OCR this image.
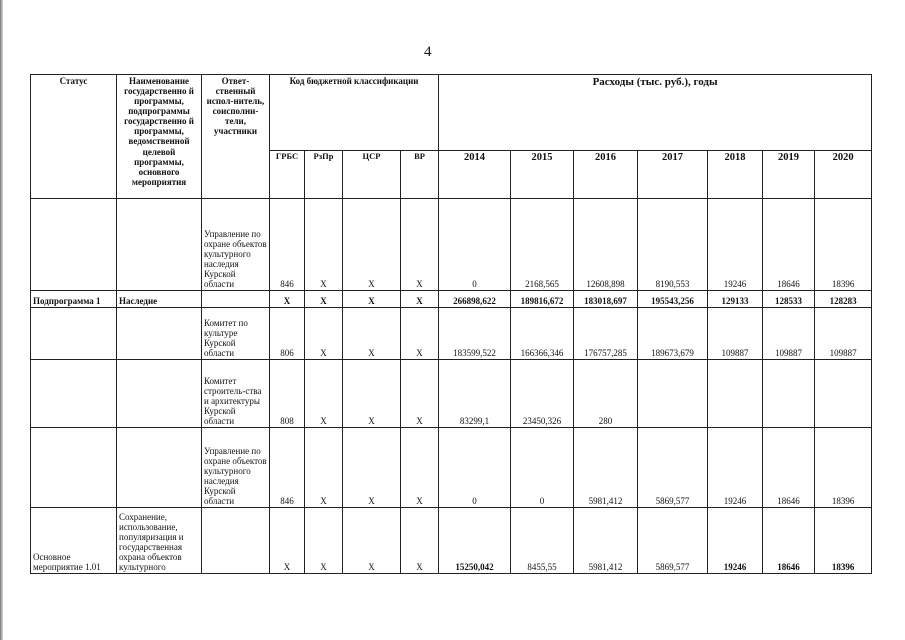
4
Статус	Наименование государственно й программы, подпрограммы государственно й программы, ведомственной целевой программы, основного мероприятия	Ответ-ственный испол-нитель, соисполни-тели, участники	Код бюджетной классификации				Расходы (тыс. руб.), годы						
			ГРБС	РзПр	ЦСР	ВР	2014	2015	2016	2017	2018	2019	2020
		Управление по охране объектов культурного наследия Курской области	846	Х	Х	Х	0	2168,565	12608,898	8190,553	19246	18646	18396
Подпрограмма 1	Наследие		Х	Х	Х	Х	266898,622	189816,672	183018,697	195543,256	129133	128533	128283
		Комитет по культуре Курской области	806	Х	Х	Х	183599,522	166366,346	176757,285	189673,679	109887	109887	109887
		Комитет строитель-ства и архитектуры Курской области	808	Х	Х	Х	83299,1	23450,326	280				
		Управление по охране объектов культурного наследия Курской области	846	Х	Х	Х	0	0	5981,412	5869,577	19246	18646	18396
Основное мероприятие 1.01	Сохранение, использование, популяризация и государственная охрана объектов культурного		Х	Х	Х	Х	15250,042	8455,55	5981,412	5869,577	19246	18646	18396
